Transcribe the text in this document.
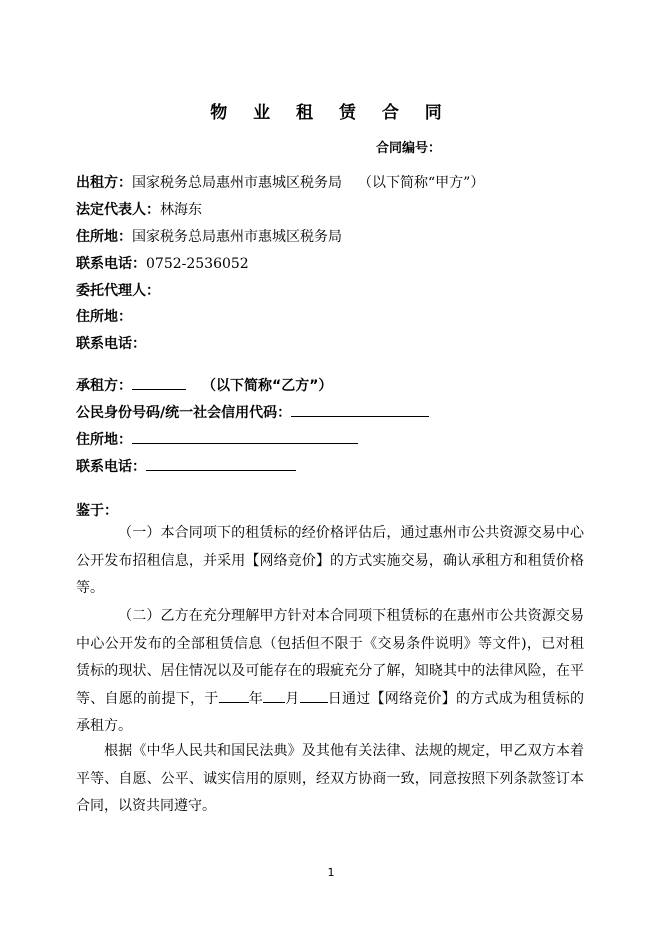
物 业 租 赁 合 同
合同编号：
出租方：国家税务总局惠州市惠城区税务局 （以下简称“甲方”）
法定代表人：林海东
住所地：国家税务总局惠州市惠城区税务局
联系电话：0752-2536052
委托代理人：
住所地：
联系电话：
承租方：	（以下简称“乙方”）
公民身份号码/统一社会信用代码：
住所地：
联系电话：
鉴于：
（一）本合同项下的租赁标的经价格评估后，通过惠州市公共资源交易中心公开发布招租信息，并采用【网络竞价】的方式实施交易，确认承租方和租赁价格等。
（二）乙方在充分理解甲方针对本合同项下租赁标的在惠州市公共资源交易中心公开发布的全部租赁信息（包括但不限于《交易条件说明》等文件)，已对租赁标的现状、居住情况以及可能存在的瑕疵充分了解，知晓其中的法律风险，在平等、自愿的前提下，于 年 月 日通过【网络竞价】的方式成为租赁标的承租方。
根据《中华人民共和国民法典》及其他有关法律、法规的规定，甲乙双方本着平等、自愿、公平、诚实信用的原则，经双方协商一致，同意按照下列条款签订本合同，以资共同遵守。
1
